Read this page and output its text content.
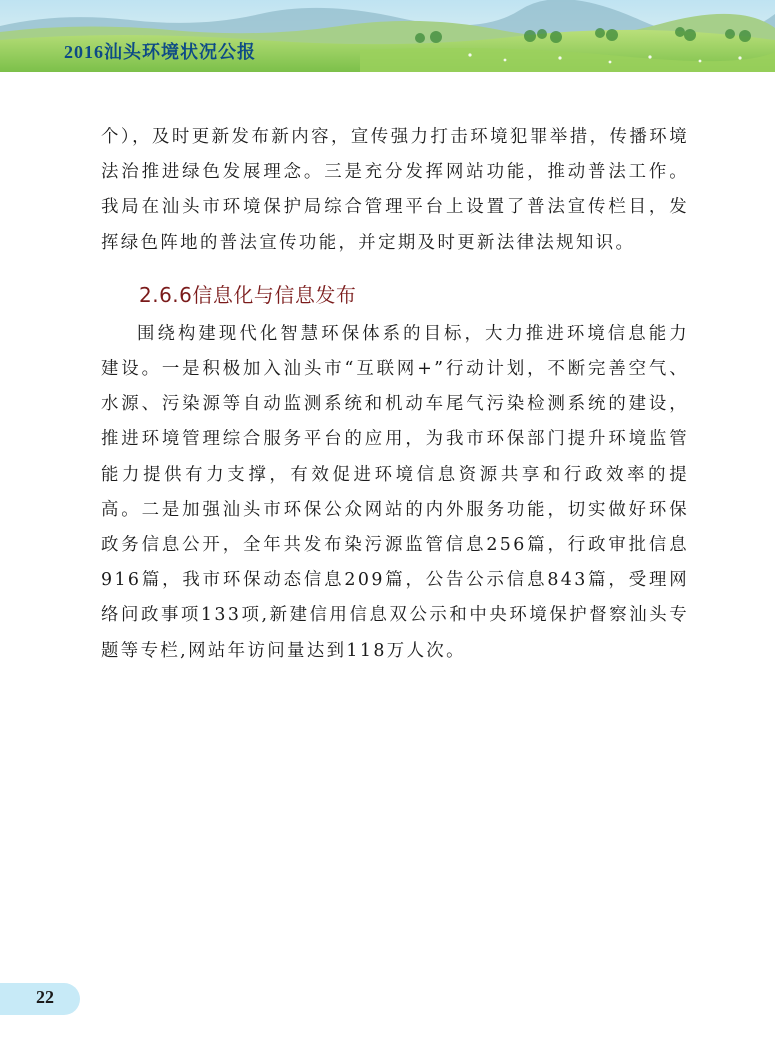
2016汕头环境状况公报

个），及时更新发布新内容，宣传强力打击环境犯罪举措，传播环境法治推进绿色发展理念。三是充分发挥网站功能，推动普法工作。我局在汕头市环境保护局综合管理平台上设置了普法宣传栏目，发挥绿色阵地的普法宣传功能，并定期及时更新法律法规知识。

2.6.6信息化与信息发布

围绕构建现代化智慧环保体系的目标，大力推进环境信息能力建设。一是积极加入汕头市“互联网+”行动计划，不断完善空气、水源、污染源等自动监测系统和机动车尾气污染检测系统的建设，推进环境管理综合服务平台的应用，为我市环保部门提升环境监管能力提供有力支撑，有效促进环境信息资源共享和行政效率的提高。二是加强汕头市环保公众网站的内外服务功能，切实做好环保政务信息公开，全年共发布染污源监管信息256篇，行政审批信息916篇，我市环保动态信息209篇，公告公示信息843篇，受理网络问政事项133项,新建信用信息双公示和中央环境保护督察汕头专题等专栏,网站年访问量达到118万人次。

22
